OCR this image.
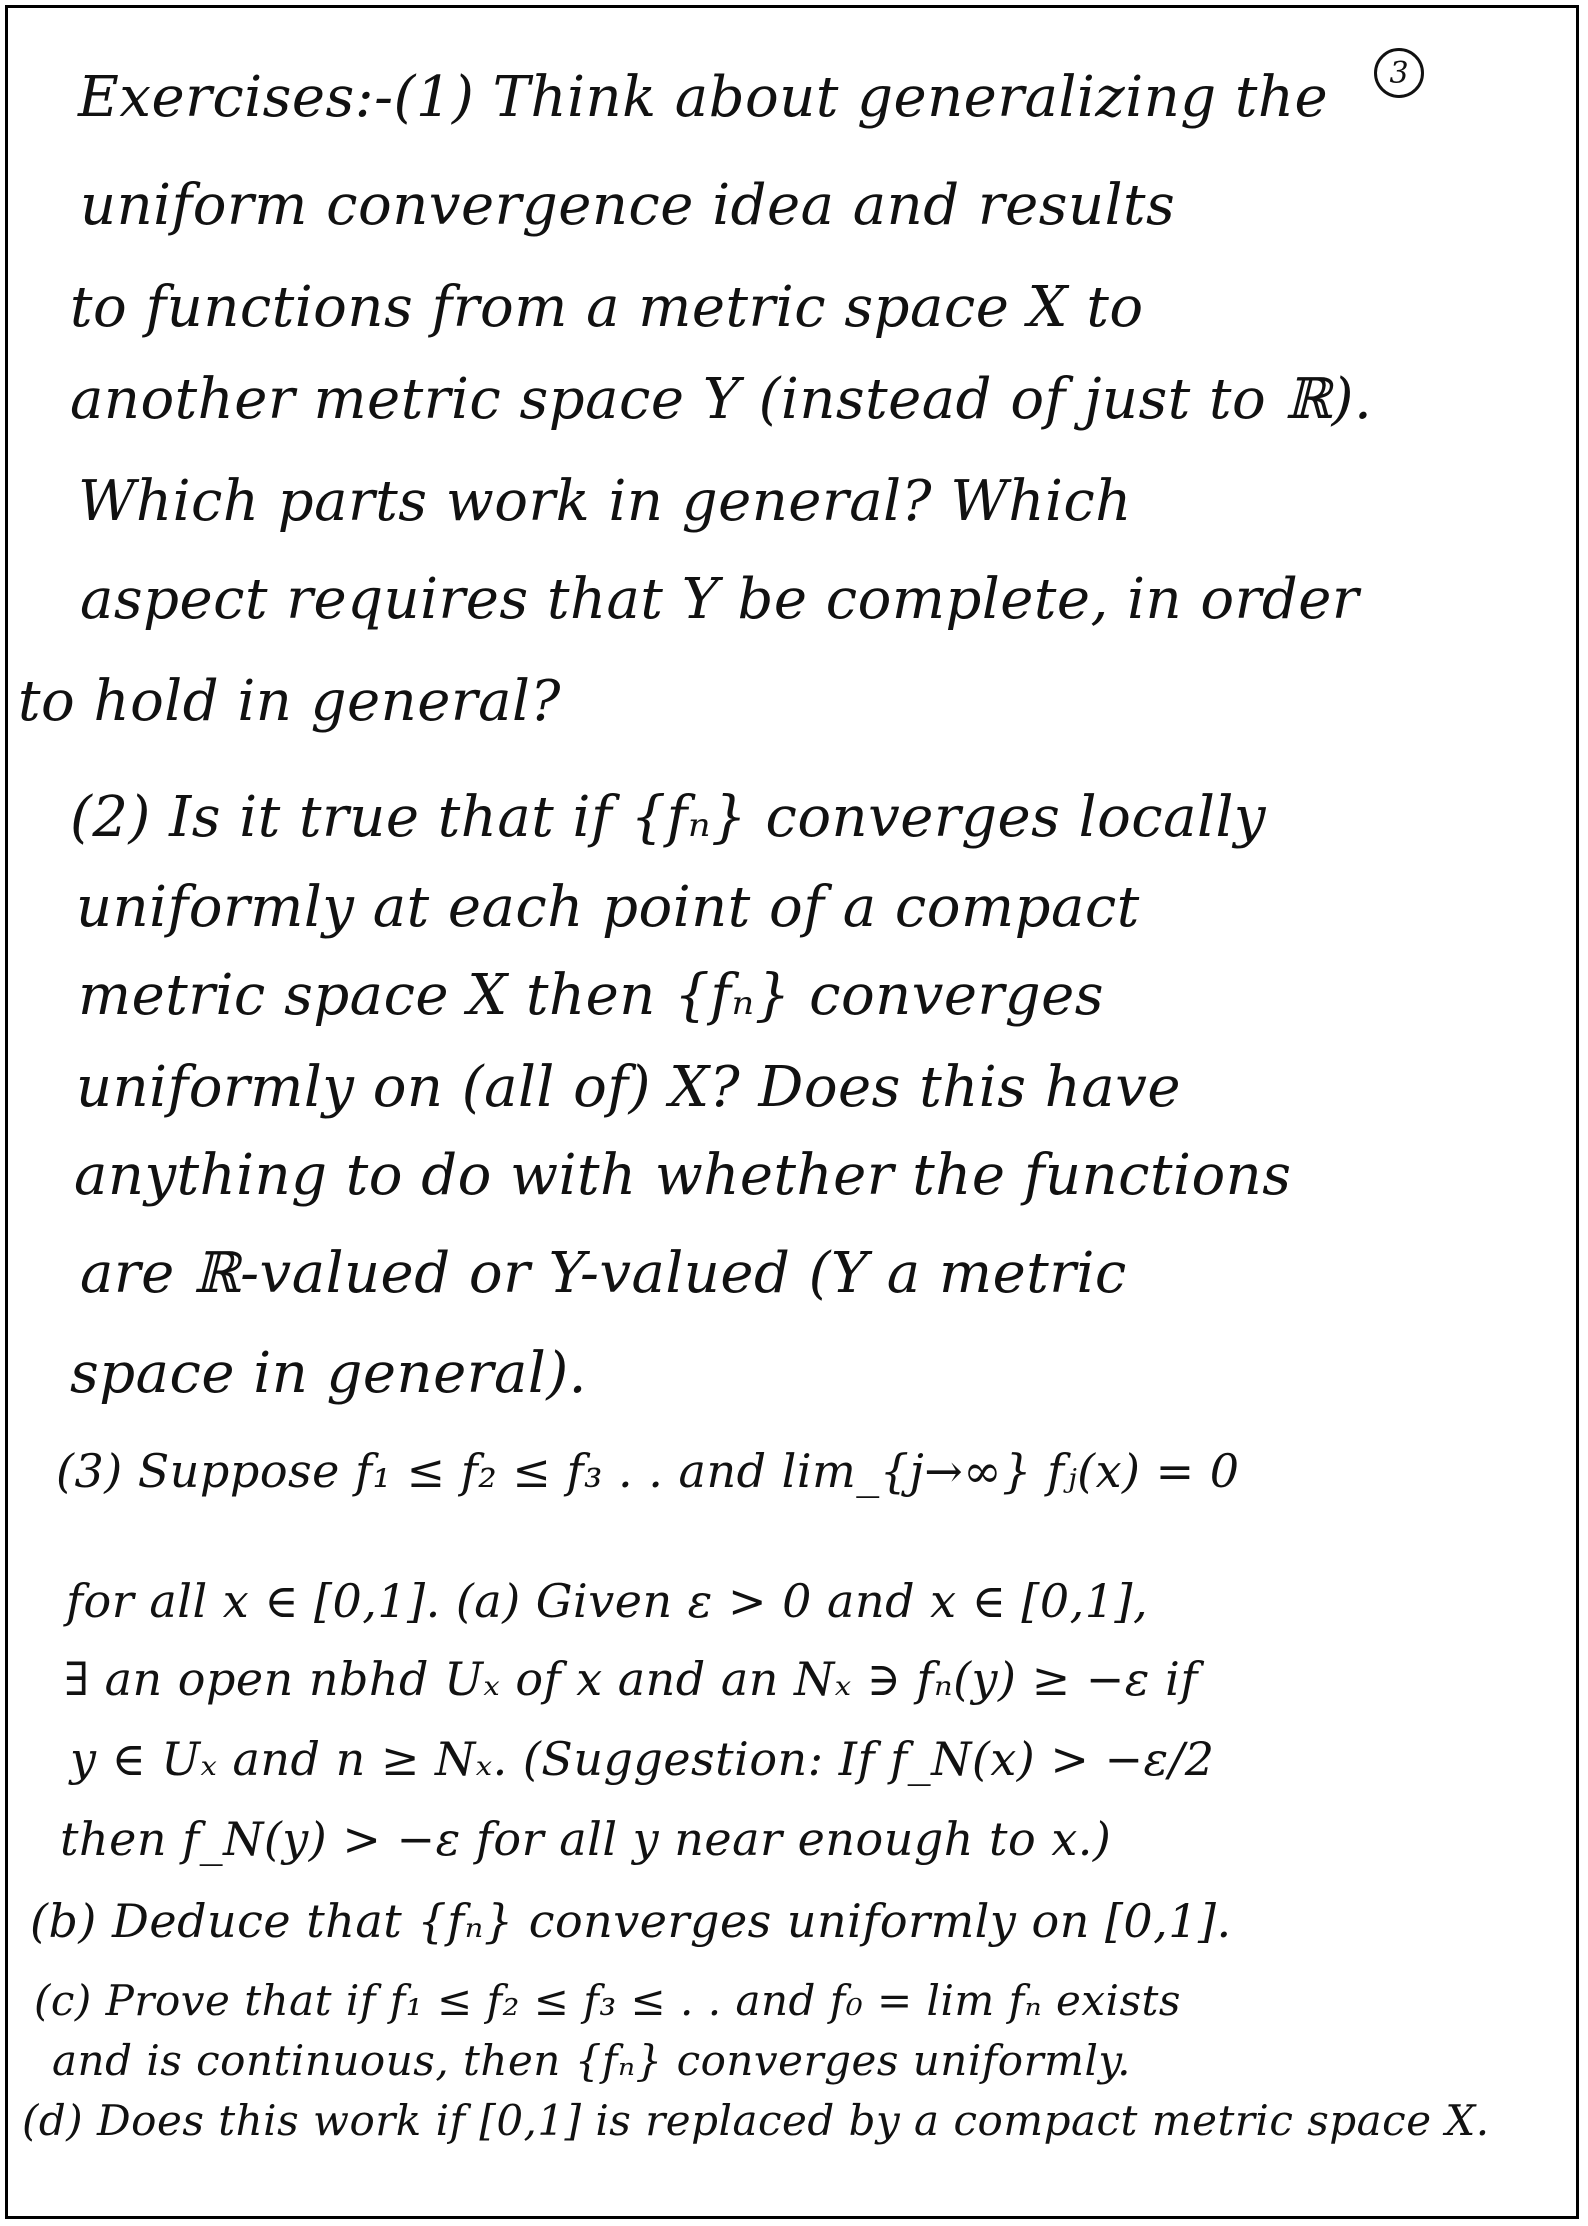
3
Exercises:-(1) Think about generalizing the
uniform convergence idea and results
to functions from a metric space X to
another metric space Y (instead of just to ℝ).
Which parts work in general? Which
aspect requires that Y be complete, in order
to hold in general?
(2) Is it true that if {fₙ} converges locally
uniformly at each point of a compact
metric space X then {fₙ} converges
uniformly on (all of) X? Does this have
anything to do with whether the functions
are ℝ-valued or Y-valued (Y a metric
space in general).
(3) Suppose f₁ ≤ f₂ ≤ f₃ . . and lim_{j→∞} fⱼ(x) = 0
for all x ∈ [0,1]. (a) Given ε > 0 and x ∈ [0,1],
∃ an open nbhd Uₓ of x and an Nₓ ∋ fₙ(y) ≥ −ε if
y ∈ Uₓ and n ≥ Nₓ. (Suggestion: If f_N(x) > −ε/2
then f_N(y) > −ε for all y near enough to x.)
(b) Deduce that {fₙ} converges uniformly on [0,1].
(c) Prove that if f₁ ≤ f₂ ≤ f₃ ≤ . . and f₀ = lim fₙ exists
and is continuous, then {fₙ} converges uniformly.
(d) Does this work if [0,1] is replaced by a compact metric space X.
